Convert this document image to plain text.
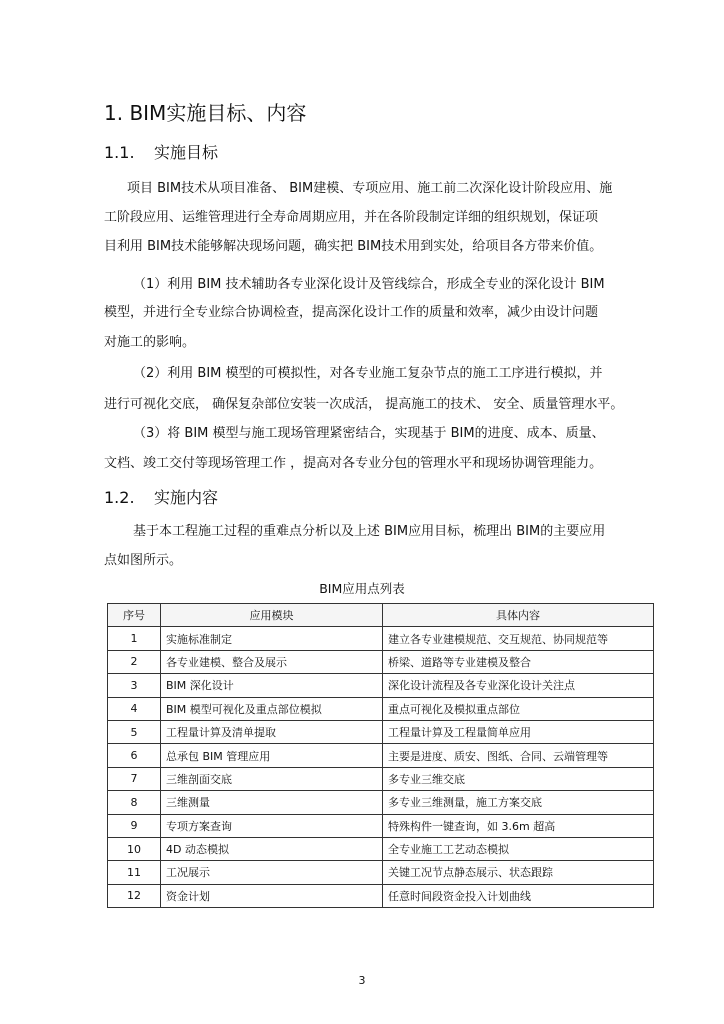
1. BIM实施目标、内容
1.1. 实施目标
项目 BIM技术从项目准备、 BIM建模、专项应用、施工前二次深化设计阶段应用、施
工阶段应用、运维管理进行全寿命周期应用，并在各阶段制定详细的组织规划，保证项
目利用 BIM技术能够解决现场问题，确实把 BIM技术用到实处，给项目各方带来价值。
（1）利用 BIM 技术辅助各专业深化设计及管线综合，形成全专业的深化设计 BIM
模型，并进行全专业综合协调检查，提高深化设计工作的质量和效率，减少由设计问题
对施工的影响。
（2）利用 BIM 模型的可模拟性，对各专业施工复杂节点的施工工序进行模拟，并
进行可视化交底， 确保复杂部位安装一次成活， 提高施工的技术、 安全、质量管理水平。
（3）将 BIM 模型与施工现场管理紧密结合，实现基于 BIM的进度、成本、质量、
文档、竣工交付等现场管理工作 ，提高对各专业分包的管理水平和现场协调管理能力。
1.2. 实施内容
基于本工程施工过程的重难点分析以及上述 BIM应用目标，梳理出 BIM的主要应用
点如图所示。
BIM应用点列表
序号	应用模块	具体内容
1	实施标准制定	建立各专业建模规范、交互规范、协同规范等
2	各专业建模、整合及展示	桥梁、道路等专业建模及整合
3	BIM 深化设计	深化设计流程及各专业深化设计关注点
4	BIM 模型可视化及重点部位模拟	重点可视化及模拟重点部位
5	工程量计算及清单提取	工程量计算及工程量简单应用
6	总承包 BIM 管理应用	主要是进度、质安、图纸、合同、云端管理等
7	三维剖面交底	多专业三维交底
8	三维测量	多专业三维测量，施工方案交底
9	专项方案查询	特殊构件一键查询，如 3.6m 超高
10	4D 动态模拟	全专业施工工艺动态模拟
11	工况展示	关键工况节点静态展示、状态跟踪
12	资金计划	任意时间段资金投入计划曲线
3
